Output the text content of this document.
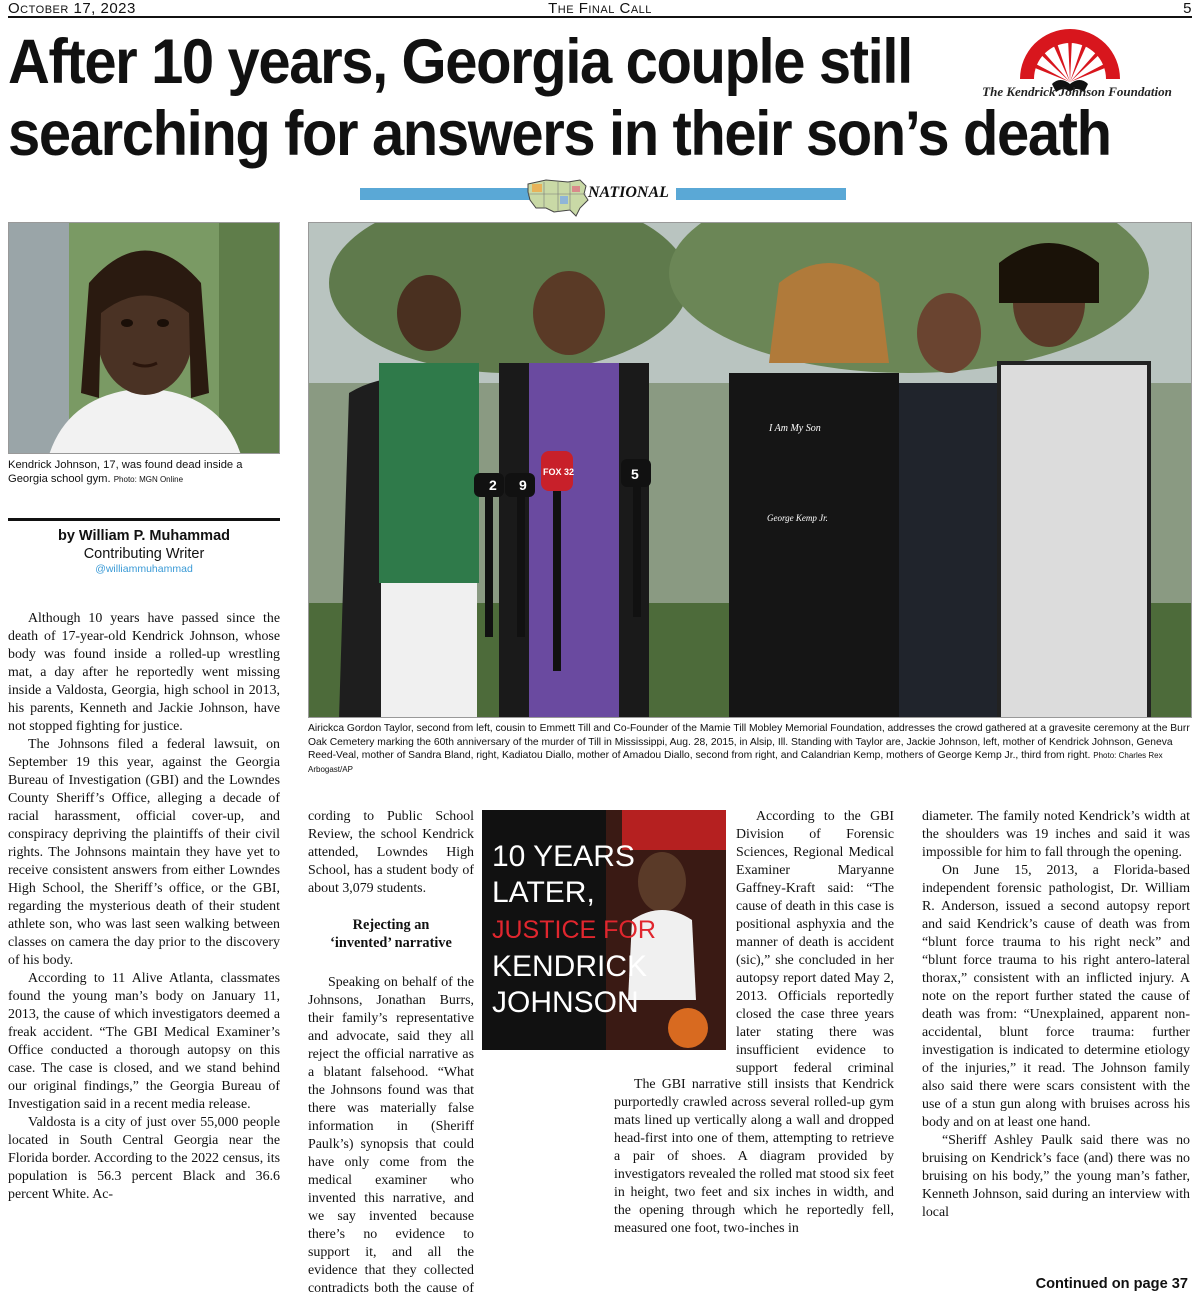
October 17, 2023	The Final Call	5
After 10 years, Georgia couple still
searching for answers in their son’s death
The Kendrick Johnson Foundation
NATIONAL
Kendrick Johnson, 17, was found dead inside a Georgia school gym. Photo: MGN Online
by William P. Muhammad
Contributing Writer
@williammuhammad
2 9
FOX 32	5
I Am My Son
George Kemp Jr.
Airickca Gordon Taylor, second from left, cousin to Emmett Till and Co-Founder of the Mamie Till Mobley Memorial Foundation, addresses the crowd gathered at a gravesite ceremony at the Burr Oak Cemetery marking the 60th anniversary of the murder of Till in Mississippi, Aug. 28, 2015, in Alsip, Ill. Standing with Taylor are, Jackie Johnson, left, mother of Kendrick Johnson, Geneva Reed-Veal, mother of Sandra Bland, right, Kadiatou Diallo, mother of Amadou Diallo, second from right, and Calandrian Kemp, mothers of George Kemp Jr., third from right. Photo: Charles Rex Arbogast/AP

Although 10 years have passed since the death of 17-year-old Kendrick Johnson, whose body was found inside a rolled-up wrestling mat, a day after he reportedly went missing inside a Valdosta, Georgia, high school in 2013, his parents, Kenneth and Jackie Johnson, have not stopped fighting for justice.

The Johnsons filed a federal lawsuit, on September 19 this year, against the Georgia Bureau of Investigation (GBI) and the Lowndes County Sheriff’s Office, alleging a decade of racial harassment, official cover-up, and conspiracy depriving the plaintiffs of their civil rights. The Johnsons maintain they have yet to receive consistent answers from either Lowndes High School, the Sheriff’s office, or the GBI, regarding the mysterious death of their student athlete son, who was last seen walking between classes on camera the day prior to the discovery of his body.

According to 11 Alive Atlanta, classmates found the young man’s body on January 11, 2013, the cause of which investigators deemed a freak accident. “The GBI Medical Examiner’s Office conducted a thorough autopsy on this case. The case is closed, and we stand behind our original findings,” the Georgia Bureau of Investigation said in a recent media release.

Valdosta is a city of just over 55,000 people located in South Central Georgia near the Florida border. According to the 2022 census, its population is 56.3 percent Black and 36.6 percent White. Ac-

cording to Public School Review, the school Kendrick attended, Lowndes High School, has a student body of about 3,079 students.

Rejecting an
‘invented’ narrative

Speaking on behalf of the Johnsons, Jonathan Burrs, their family’s representative and advocate, said they all reject the official narrative as a blatant falsehood. “What the Johnsons found was that there was materially false information in (Sheriff Paulk’s) synopsis that could have only come from the medical examiner who invented this narrative, and we say invented because there’s no evidence to support it, and all the evidence that they collected contradicts both the cause of

10 YEARS
LATER,
JUSTICE FOR
KENDRICK
JOHNSON

According to the GBI Division of Forensic Sciences, Regional Medical Examiner Maryanne Gaffney-Kraft said: “The cause of death in this case is positional asphyxia and the manner of death is accident (sic),” she concluded in her autopsy report dated May 2, 2013. Officials reportedly closed the case three years later stating there was insufficient evidence to support federal criminal

The GBI narrative still insists that Kendrick purportedly crawled across several rolled-up gym mats lined up vertically along a wall and dropped head-first into one of them, attempting to retrieve a pair of shoes. A diagram provided by investigators revealed the rolled mat stood six feet in height, two feet and six inches in width, and the opening through which he reportedly fell, measured one foot, two-inches in

diameter. The family noted Kendrick’s width at the shoulders was 19 inches and said it was impossible for him to fall through the opening.

On June 15, 2013, a Florida-based independent forensic pathologist, Dr. William R. Anderson, issued a second autopsy report and said Kendrick’s cause of death was from “blunt force trauma to his right neck” and “blunt force trauma to his right antero-lateral thorax,” consistent with an inflicted injury. A note on the report further stated the cause of death was from: “Unexplained, apparent non-accidental, blunt force trauma: further investigation is indicated to determine etiology of the injuries,” it read. The Johnson family also said there were scars consistent with the use of a stun gun along with bruises across his body and on at least one hand.

“Sheriff Ashley Paulk said there was no bruising on Kendrick’s face (and) there was no bruising on his body,” the young man’s father, Kenneth Johnson, said during an interview with local

Continued on page 37
